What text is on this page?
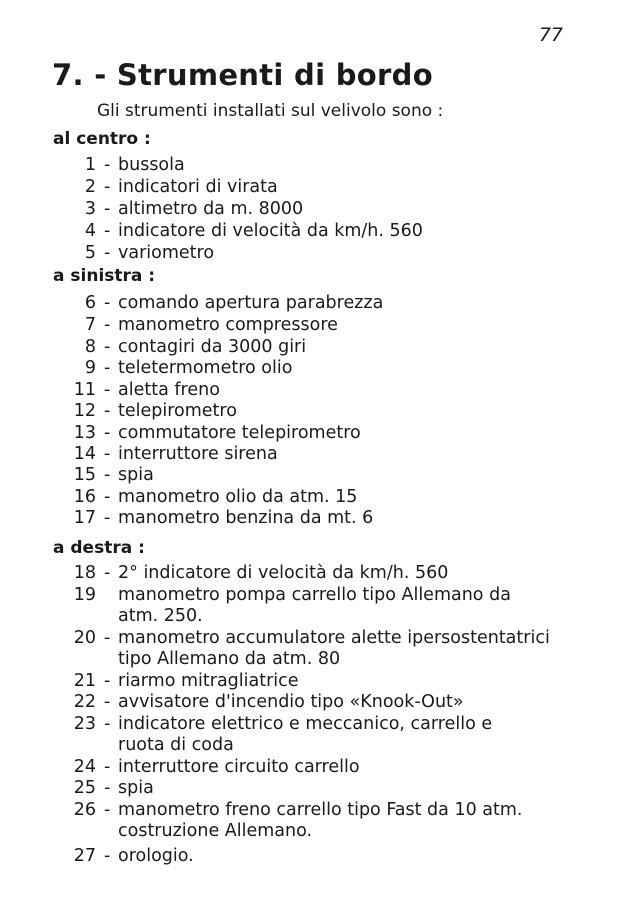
77
7. - Strumenti di bordo
Gli strumenti installati sul velivolo sono :
al centro :
1 - bussola
2 - indicatori di virata
3 - altimetro da m. 8000
4 - indicatore di velocità da km/h. 560
5 - variometro
a sinistra :
6 - comando apertura parabrezza
7 - manometro compressore
8 - contagiri da 3000 giri
9 - teletermometro olio
11 - aletta freno
12 - telepirometro
13 - commutatore telepirometro
14 - interruttore sirena
15 - spia
16 - manometro olio da atm. 15
17 - manometro benzina da mt. 6
a destra :
18 - 2° indicatore di velocità da km/h. 560
19 manometro pompa carrello tipo Allemano da
atm. 250.
20 - manometro accumulatore alette ipersostentatrici
tipo Allemano da atm. 80
21 - riarmo mitragliatrice
22 - avvisatore d'incendio tipo «Knook-Out»
23 - indicatore elettrico e meccanico, carrello e
ruota di coda
24 - interruttore circuito carrello
25 - spia
26 - manometro freno carrello tipo Fast da 10 atm.
costruzione Allemano.
27 - orologio.
